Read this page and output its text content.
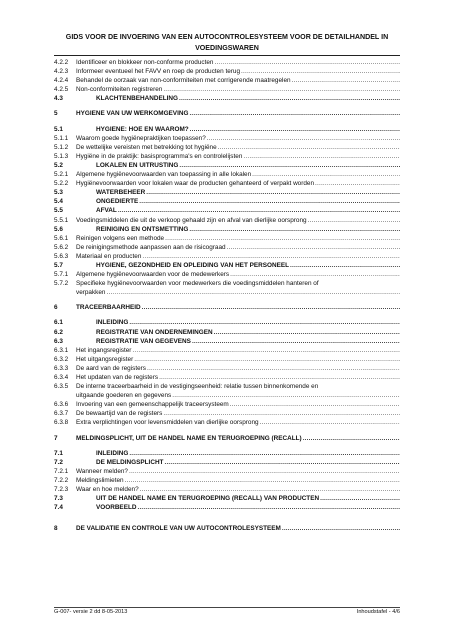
GIDS VOOR DE INVOERING VAN EEN AUTOCONTROLESYSTEEM VOOR DE DETAILHANDEL IN
VOEDINGSWAREN
4.2.2	Identificeer en blokkeer non-conforme producten
.....
4.2.3	Informeer eventueel het FAVV en roep de producten terug
.....
4.2.4	Behandel de oorzaak van non-conformiteiten met corrigerende maatregelen
.....
4.2.5	Non-conformiteiten registreren
.....
4.3	KLACHTENBEHANDELING
.....
5	HYGIENE VAN UW WERKOMGEVING
.....
5.1	HYGIENE: HOE EN WAAROM?
.....
5.1.1	Waarom goede hygiënepraktijken toepassen?
.....
5.1.2	De wettelijke vereisten met betrekking tot hygiëne
.....
5.1.3	Hygiëne in de praktijk: basisprogramma's en controlelijsten
.....
5.2	LOKALEN EN UITRUSTING
.....
5.2.1	Algemene hygiënevoorwaarden van toepassing in alle lokalen
.....
5.2.2	Hygiënevoorwaarden voor lokalen waar de producten gehanteerd of verpakt worden
.....
5.3	WATERBEHEER
.....
5.4	ONGEDIERTE
.....
5.5	AFVAL
.....
5.5.1	Voedingsmiddelen die uit de verkoop gehaald zijn en afval van dierlijke oorsprong
.....
5.6	REINIGING EN ONTSMETTING
.....
5.6.1	Reinigen volgens een methode
.....
5.6.2	De reinigingsmethode aanpassen aan de risicograad
.....
5.6.3	Materiaal en producten
.....
5.7	HYGIENE, GEZONDHEID EN OPLEIDING VAN HET PERSONEEL
.....
5.7.1	Algemene hygiënevoorwaarden voor de medewerkers
.....
5.7.2	Specifieke hygiënevoorwaarden voor medewerkers die voedingsmiddelen hanteren of
verpakken
.....
6	TRACEERBAARHEID
.....
6.1	INLEIDING
.....
6.2	REGISTRATIE VAN ONDERNEMINGEN
.....
6.3	REGISTRATIE VAN GEGEVENS
.....
6.3.1	Het ingangsregister
.....
6.3.2	Het uitgangsregister
.....
6.3.3	De aard van de registers
.....
6.3.4	Het updaten van de registers
.....
6.3.5	De interne traceerbaarheid in de vestigingseenheid: relatie tussen binnenkomende en
uitgaande goederen en gegevens
.....
6.3.6	Invoering van een gemeenschappelijk traceersysteem
.....
6.3.7	De bewaartijd van de registers
.....
6.3.8	Extra verplichtingen voor levensmiddelen van dierlijke oorsprong
.....
7	MELDINGSPLICHT, UIT DE HANDEL NAME EN TERUGROEPING (RECALL)
.....
7.1	INLEIDING
.....
7.2	DE MELDINGSPLICHT
.....
7.2.1	Wanneer melden?
.....
7.2.2	Meldingslimieten
.....
7.2.3	Waar en hoe melden?
.....
7.3	UIT DE HANDEL NAME EN TERUGROEPING (RECALL) VAN PRODUCTEN
.....
7.4	VOORBEELD
.....
8	DE VALIDATIE EN CONTROLE VAN UW AUTOCONTROLESYSTEEM
.....
G-007- versie 2 dd 8-05-2013	Inhoudstafel - 4/6
